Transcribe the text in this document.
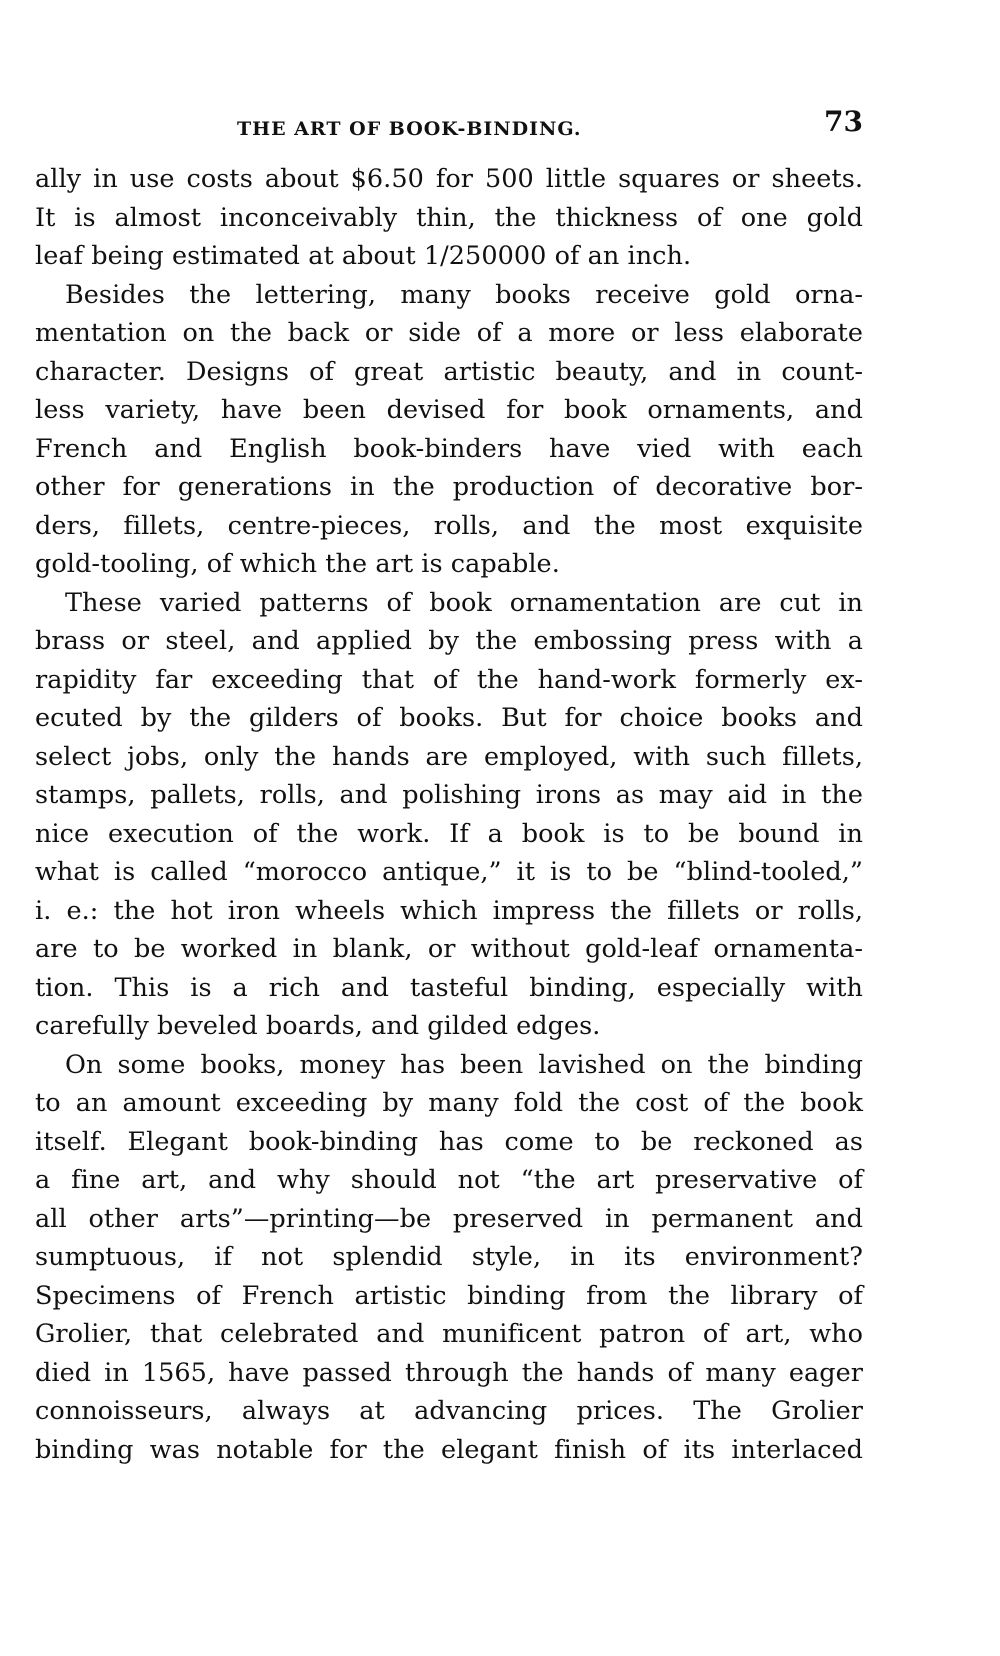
THE ART OF BOOK-BINDING.	73

ally in use costs about $6.50 for 500 little squares or sheets.
It is almost inconceivably thin, the thickness of one gold
leaf being estimated at about 1/250000 of an inch.

Besides the lettering, many books receive gold orna-
mentation on the back or side of a more or less elaborate
character. Designs of great artistic beauty, and in count-
less variety, have been devised for book ornaments, and
French and English book-binders have vied with each
other for generations in the production of decorative bor-
ders, fillets, centre-pieces, rolls, and the most exquisite
gold-tooling, of which the art is capable.

These varied patterns of book ornamentation are cut in
brass or steel, and applied by the embossing press with a
rapidity far exceeding that of the hand-work formerly ex-
ecuted by the gilders of books. But for choice books and
select jobs, only the hands are employed, with such fillets,
stamps, pallets, rolls, and polishing irons as may aid in the
nice execution of the work. If a book is to be bound in
what is called “morocco antique,” it is to be “blind-tooled,”
i. e.: the hot iron wheels which impress the fillets or rolls,
are to be worked in blank, or without gold-leaf ornamenta-
tion. This is a rich and tasteful binding, especially with
carefully beveled boards, and gilded edges.

On some books, money has been lavished on the binding
to an amount exceeding by many fold the cost of the book
itself. Elegant book-binding has come to be reckoned as
a fine art, and why should not “the art preservative of
all other arts”—printing—be preserved in permanent and
sumptuous, if not splendid style, in its environment?
Specimens of French artistic binding from the library of
Grolier, that celebrated and munificent patron of art, who
died in 1565, have passed through the hands of many eager
connoisseurs, always at advancing prices. The Grolier
binding was notable for the elegant finish of its interlaced
